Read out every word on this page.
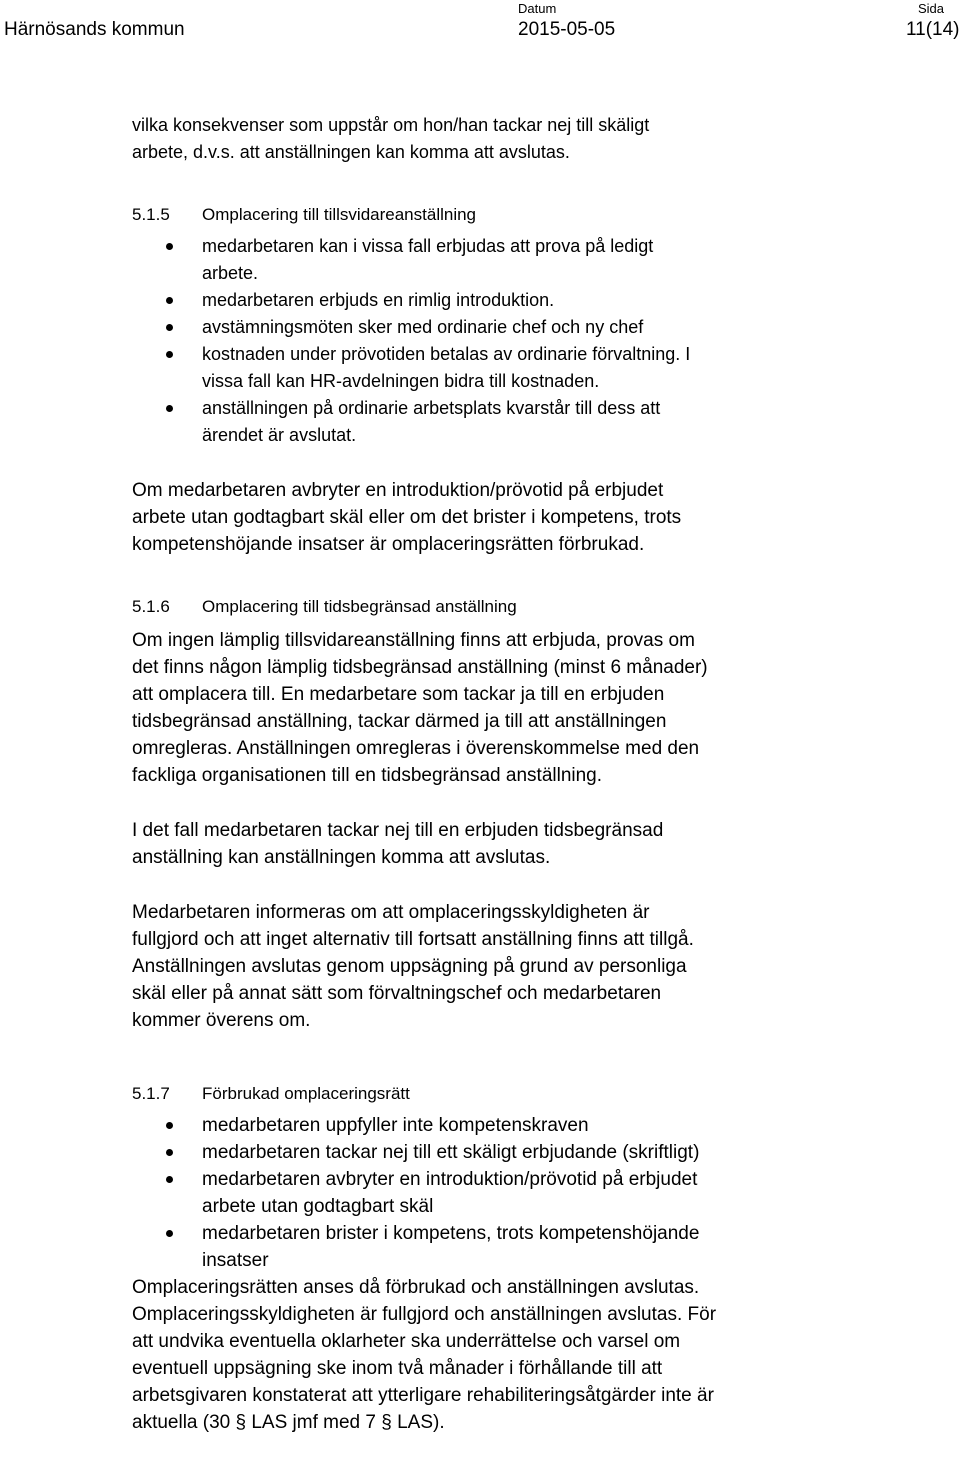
Härnösands kommun
Datum
2015-05-05
Sida
11(14)
vilka konsekvenser som uppstår om hon/han tackar nej till skäligt
arbete, d.v.s. att anställningen kan komma att avslutas.
5.1.5 Omplacering till tillsvidareanställning
medarbetaren kan i vissa fall erbjudas att prova på ledigt
arbete.
medarbetaren erbjuds en rimlig introduktion.
avstämningsmöten sker med ordinarie chef och ny chef
kostnaden under prövotiden betalas av ordinarie förvaltning. I
vissa fall kan HR-avdelningen bidra till kostnaden.
anställningen på ordinarie arbetsplats kvarstår till dess att
ärendet är avslutat.
Om medarbetaren avbryter en introduktion/prövotid på erbjudet
arbete utan godtagbart skäl eller om det brister i kompetens, trots
kompetenshöjande insatser är omplaceringsrätten förbrukad.
5.1.6 Omplacering till tidsbegränsad anställning
Om ingen lämplig tillsvidareanställning finns att erbjuda, provas om
det finns någon lämplig tidsbegränsad anställning (minst 6 månader)
att omplacera till. En medarbetare som tackar ja till en erbjuden
tidsbegränsad anställning, tackar därmed ja till att anställningen
omregleras. Anställningen omregleras i överenskommelse med den
fackliga organisationen till en tidsbegränsad anställning.
I det fall medarbetaren tackar nej till en erbjuden tidsbegränsad
anställning kan anställningen komma att avslutas.
Medarbetaren informeras om att omplaceringsskyldigheten är
fullgjord och att inget alternativ till fortsatt anställning finns att tillgå.
Anställningen avslutas genom uppsägning på grund av personliga
skäl eller på annat sätt som förvaltningschef och medarbetaren
kommer överens om.
5.1.7 Förbrukad omplaceringsrätt
medarbetaren uppfyller inte kompetenskraven
medarbetaren tackar nej till ett skäligt erbjudande (skriftligt)
medarbetaren avbryter en introduktion/prövotid på erbjudet
arbete utan godtagbart skäl
medarbetaren brister i kompetens, trots kompetenshöjande
insatser
Omplaceringsrätten anses då förbrukad och anställningen avslutas.
Omplaceringsskyldigheten är fullgjord och anställningen avslutas. För
att undvika eventuella oklarheter ska underrättelse och varsel om
eventuell uppsägning ske inom två månader i förhållande till att
arbetsgivaren konstaterat att ytterligare rehabiliteringsåtgärder inte är
aktuella (30 § LAS jmf med 7 § LAS).
